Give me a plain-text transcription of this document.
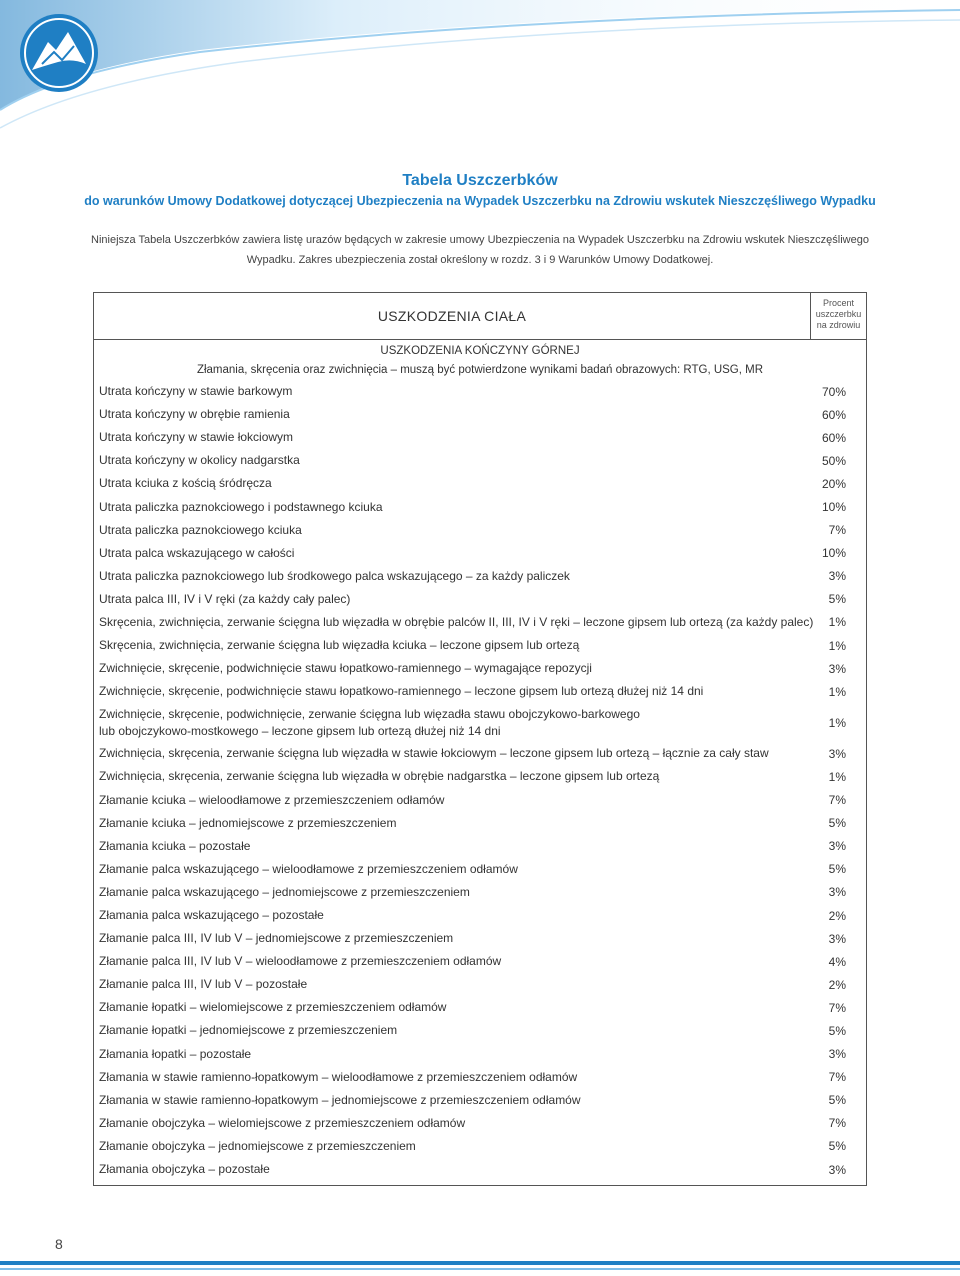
Tabela Uszczerbków
do warunków Umowy Dodatkowej dotyczącej Ubezpieczenia na Wypadek Uszczerbku na Zdrowiu wskutek Nieszczęśliwego Wypadku
Niniejsza Tabela Uszczerbków zawiera listę urazów będących w zakresie umowy Ubezpieczenia na Wypadek Uszczerbku na Zdrowiu wskutek Nieszczęśliwego
Wypadku. Zakres ubezpieczenia został określony w rozdz. 3 i 9 Warunków Umowy Dodatkowej.
USZKODZENIA CIAŁA
Procent
uszczerbku
na zdrowiu
USZKODZENIA KOŃCZYNY GÓRNEJ
Złamania, skręcenia oraz zwichnięcia – muszą być potwierdzone wynikami badań obrazowych: RTG, USG, MR
Utrata kończyny w stawie barkowym	70%
Utrata kończyny w obrębie ramienia	60%
Utrata kończyny w stawie łokciowym	60%
Utrata kończyny w okolicy nadgarstka	50%
Utrata kciuka z kością śródręcza	20%
Utrata paliczka paznokciowego i podstawnego kciuka	10%
Utrata paliczka paznokciowego kciuka	7%
Utrata palca wskazującego w całości	10%
Utrata paliczka paznokciowego lub środkowego palca wskazującego – za każdy paliczek	3%
Utrata palca III, IV i V ręki (za każdy cały palec)	5%
Skręcenia, zwichnięcia, zerwanie ścięgna lub więzadła w obrębie palców II, III, IV i V ręki – leczone gipsem lub ortezą (za każdy palec)	1%
Skręcenia, zwichnięcia, zerwanie ścięgna lub więzadła kciuka – leczone gipsem lub ortezą	1%
Zwichnięcie, skręcenie, podwichnięcie stawu łopatkowo-ramiennego – wymagające repozycji	3%
Zwichnięcie, skręcenie, podwichnięcie stawu łopatkowo-ramiennego – leczone gipsem lub ortezą dłużej niż 14 dni	1%
Zwichnięcie, skręcenie, podwichnięcie, zerwanie ścięgna lub więzadła stawu obojczykowo-barkowego
lub obojczykowo-mostkowego – leczone gipsem lub ortezą dłużej niż 14 dni
1%
Zwichnięcia, skręcenia, zerwanie ścięgna lub więzadła w stawie łokciowym – leczone gipsem lub ortezą – łącznie za cały staw	3%
Zwichnięcia, skręcenia, zerwanie ścięgna lub więzadła w obrębie nadgarstka – leczone gipsem lub ortezą	1%
Złamanie kciuka – wieloodłamowe z przemieszczeniem odłamów	7%
Złamanie kciuka – jednomiejscowe z przemieszczeniem	5%
Złamania kciuka – pozostałe	3%
Złamanie palca wskazującego – wieloodłamowe z przemieszczeniem odłamów	5%
Złamanie palca wskazującego – jednomiejscowe z przemieszczeniem	3%
Złamania palca wskazującego – pozostałe	2%
Złamanie palca III, IV lub V – jednomiejscowe z przemieszczeniem	3%
Złamanie palca III, IV lub V – wieloodłamowe z przemieszczeniem odłamów	4%
Złamanie palca III, IV lub V – pozostałe	2%
Złamanie łopatki – wielomiejscowe z przemieszczeniem odłamów	7%
Złamanie łopatki – jednomiejscowe z przemieszczeniem	5%
Złamania łopatki – pozostałe	3%
Złamania w stawie ramienno-łopatkowym – wieloodłamowe z przemieszczeniem odłamów	7%
Złamania w stawie ramienno-łopatkowym – jednomiejscowe z przemieszczeniem odłamów	5%
Złamanie obojczyka – wielomiejscowe z przemieszczeniem odłamów	7%
Złamanie obojczyka – jednomiejscowe z przemieszczeniem	5%
Złamania obojczyka – pozostałe	3%
8
